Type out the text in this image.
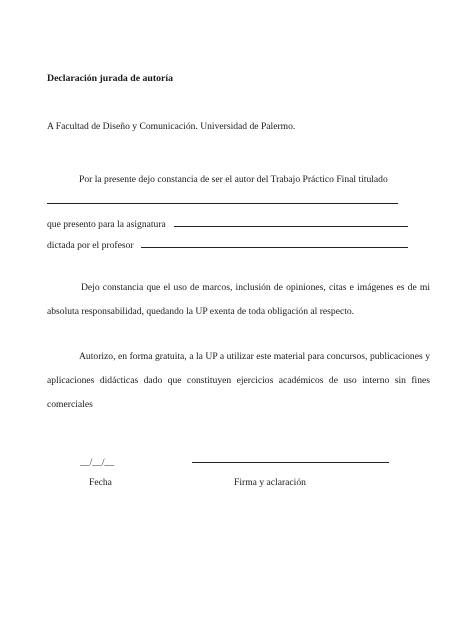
Declaración jurada de autoría
A Facultad de Diseño y Comunicación. Universidad de Palermo.
Por la presente dejo constancia de ser el autor del Trabajo Práctico Final titulado
que presento para la asignatura
dictada por el profesor
Dejo constancia que el uso de marcos, inclusión de opiniones, citas e imágenes es de mi absoluta responsabilidad, quedando la UP exenta de toda obligación al respecto.
Autorizo, en forma gratuita, a la UP a utilizar este material para concursos, publicaciones y aplicaciones didácticas dado que constituyen ejercicios académicos de uso interno sin fines comerciales
__/__/__
Fecha	Firma y aclaración
